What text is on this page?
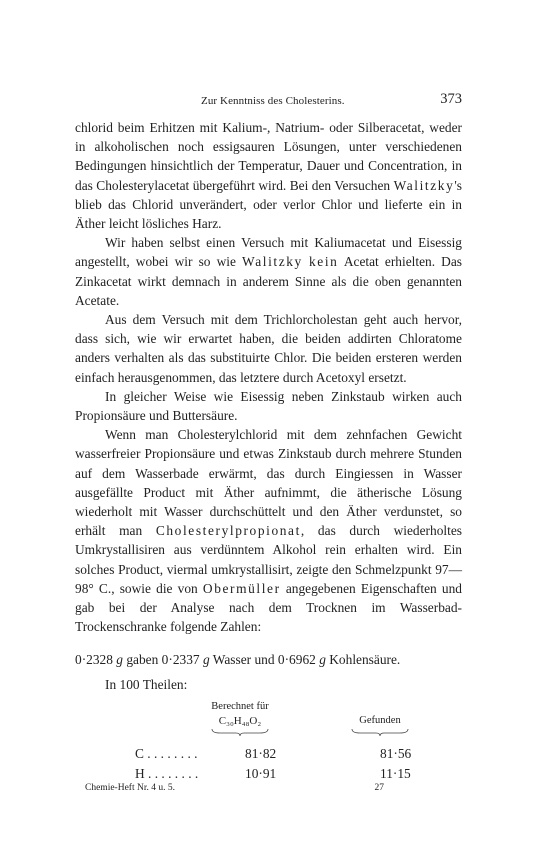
Zur Kenntniss des Cholesterins.	373

chlorid beim Erhitzen mit Kalium-, Natrium- oder Silberacetat, weder in alkoholischen noch essigsauren Lösungen, unter verschiedenen Bedingungen hinsichtlich der Temperatur, Dauer und Concentration, in das Cholesterylacetat übergeführt wird. Bei den Versuchen Walitzky's blieb das Chlorid unverändert, oder verlor Chlor und lieferte ein in Äther leicht lösliches Harz.

Wir haben selbst einen Versuch mit Kaliumacetat und Eisessig angestellt, wobei wir so wie Walitzky kein Acetat erhielten. Das Zinkacetat wirkt demnach in anderem Sinne als die oben genannten Acetate.

Aus dem Versuch mit dem Trichlorcholestan geht auch hervor, dass sich, wie wir erwartet haben, die beiden addirten Chloratome anders verhalten als das substituirte Chlor. Die beiden ersteren werden einfach herausgenommen, das letztere durch Acetoxyl ersetzt.

In gleicher Weise wie Eisessig neben Zinkstaub wirken auch Propionsäure und Buttersäure.

Wenn man Cholesterylchlorid mit dem zehnfachen Gewicht wasserfreier Propionsäure und etwas Zinkstaub durch mehrere Stunden auf dem Wasserbade erwärmt, das durch Eingiessen in Wasser ausgefällte Product mit Äther aufnimmt, die ätherische Lösung wiederholt mit Wasser durchschüttelt und den Äther verdunstet, so erhält man Cholesterylpropionat, das durch wiederholtes Umkrystallisiren aus verdünntem Alkohol rein erhalten wird. Ein solches Product, viermal umkrystallisirt, zeigte den Schmelzpunkt 97—98° C., sowie die von Obermüller angegebenen Eigenschaften und gab bei der Analyse nach dem Trocknen im Wasserbad-Trockenschranke folgende Zahlen:

0·2328 g gaben 0·2337 g Wasser und 0·6962 g Kohlensäure.

In 100 Theilen:
Berechnet für
C₃₀H₄₈O₂	Gefunden
C . . . . . . . .	81·82	81·56
H . . . . . . . .	10·91	11·15
Chemie-Heft Nr. 4 u. 5.	27
